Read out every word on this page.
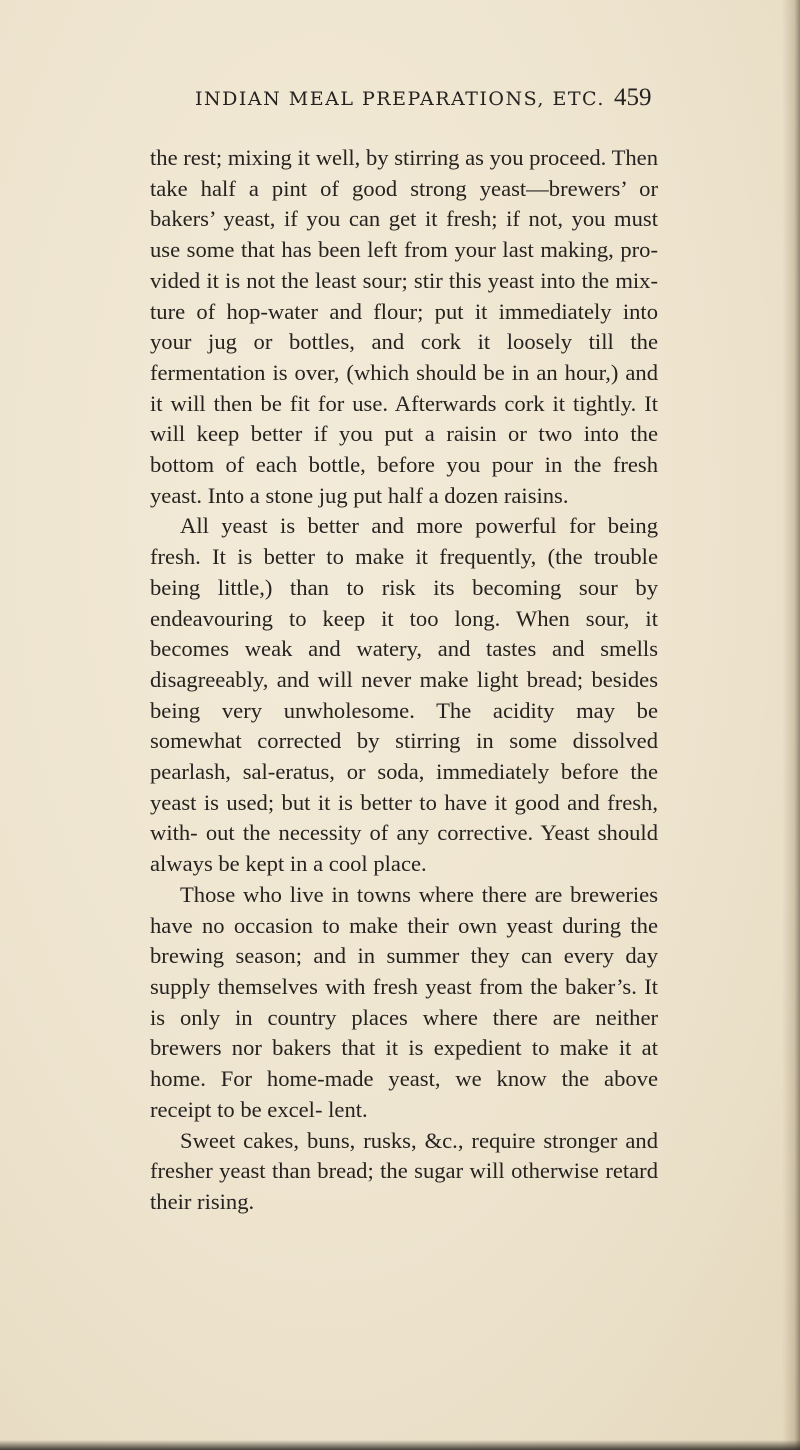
INDIAN MEAL PREPARATIONS, ETC. 459

the rest; mixing it well, by stirring as you proceed. Then take half a pint of good strong yeast—brewers’ or bakers’ yeast, if you can get it fresh; if not, you must use some that has been left from your last making, pro- vided it is not the least sour; stir this yeast into the mix- ture of hop-water and flour; put it immediately into your jug or bottles, and cork it loosely till the fermentation is over, (which should be in an hour,) and it will then be fit for use. Afterwards cork it tightly. It will keep better if you put a raisin or two into the bottom of each bottle, before you pour in the fresh yeast. Into a stone jug put half a dozen raisins.

All yeast is better and more powerful for being fresh. It is better to make it frequently, (the trouble being little,) than to risk its becoming sour by endeavouring to keep it too long. When sour, it becomes weak and watery, and tastes and smells disagreeably, and will never make light bread; besides being very unwholesome. The acidity may be somewhat corrected by stirring in some dissolved pearlash, sal-eratus, or soda, immediately before the yeast is used; but it is better to have it good and fresh, with- out the necessity of any corrective. Yeast should always be kept in a cool place.

Those who live in towns where there are breweries have no occasion to make their own yeast during the brewing season; and in summer they can every day supply themselves with fresh yeast from the baker’s. It is only in country places where there are neither brewers nor bakers that it is expedient to make it at home. For home-made yeast, we know the above receipt to be excel- lent.

Sweet cakes, buns, rusks, &c., require stronger and fresher yeast than bread; the sugar will otherwise retard their rising.
